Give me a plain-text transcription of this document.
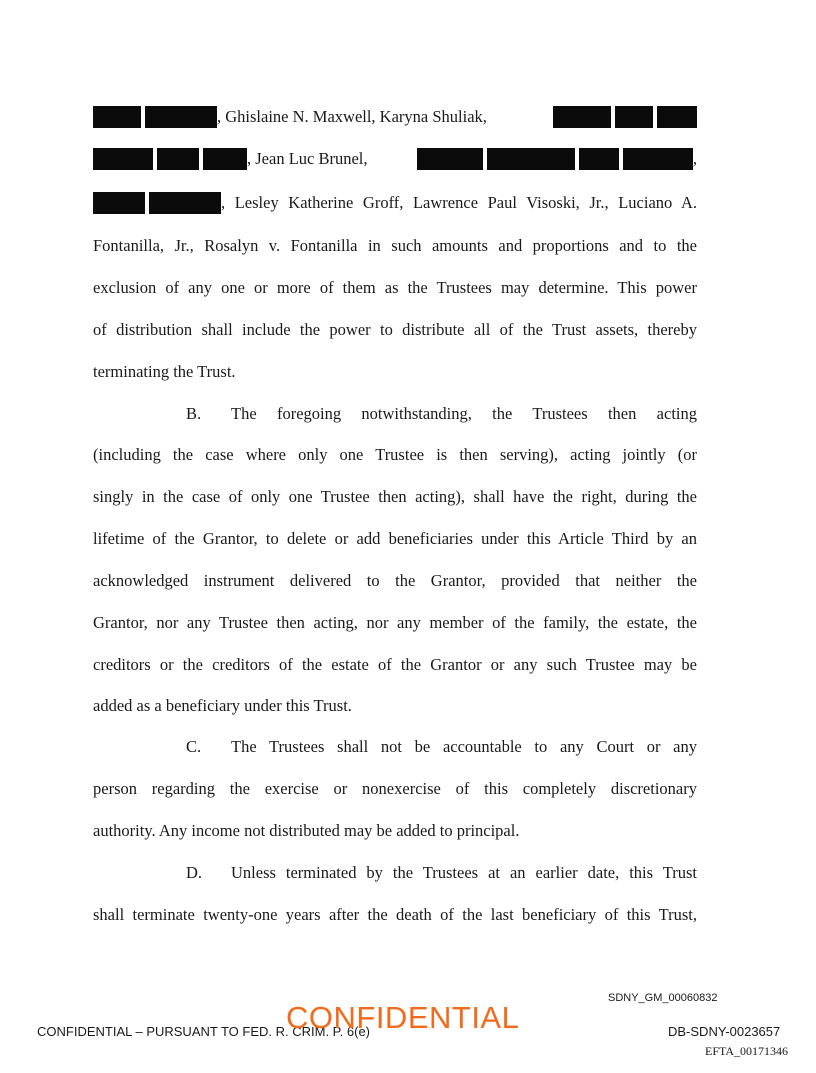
, Ghislaine N. Maxwell, Karyna Shuliak,
, Jean Luc Brunel,	,
, Lesley Katherine Groff, Lawrence Paul Visoski, Jr., Luciano A.
Fontanilla, Jr., Rosalyn v. Fontanilla in such amounts and proportions and to the
exclusion of any one or more of them as the Trustees may determine. This power
of distribution shall include the power to distribute all of the Trust assets, thereby
terminating the Trust.
B.	The foregoing notwithstanding, the Trustees then acting
(including the case where only one Trustee is then serving), acting jointly (or
singly in the case of only one Trustee then acting), shall have the right, during the
lifetime of the Grantor, to delete or add beneficiaries under this Article Third by an
acknowledged instrument delivered to the Grantor, provided that neither the
Grantor, nor any Trustee then acting, nor any member of the family, the estate, the
creditors or the creditors of the estate of the Grantor or any such Trustee may be
added as a beneficiary under this Trust.
C.	The Trustees shall not be accountable to any Court or any
person regarding the exercise or nonexercise of this completely discretionary
authority. Any income not distributed may be added to principal.
D.	Unless terminated by the Trustees at an earlier date, this Trust
shall terminate twenty-one years after the death of the last beneficiary of this Trust,
SDNY_GM_00060832
CONFIDENTIAL – PURSUANT TO FED. R. CRIM. P. 6(e)
CONFIDENTIAL	DB-SDNY-0023657
EFTA_00171346
